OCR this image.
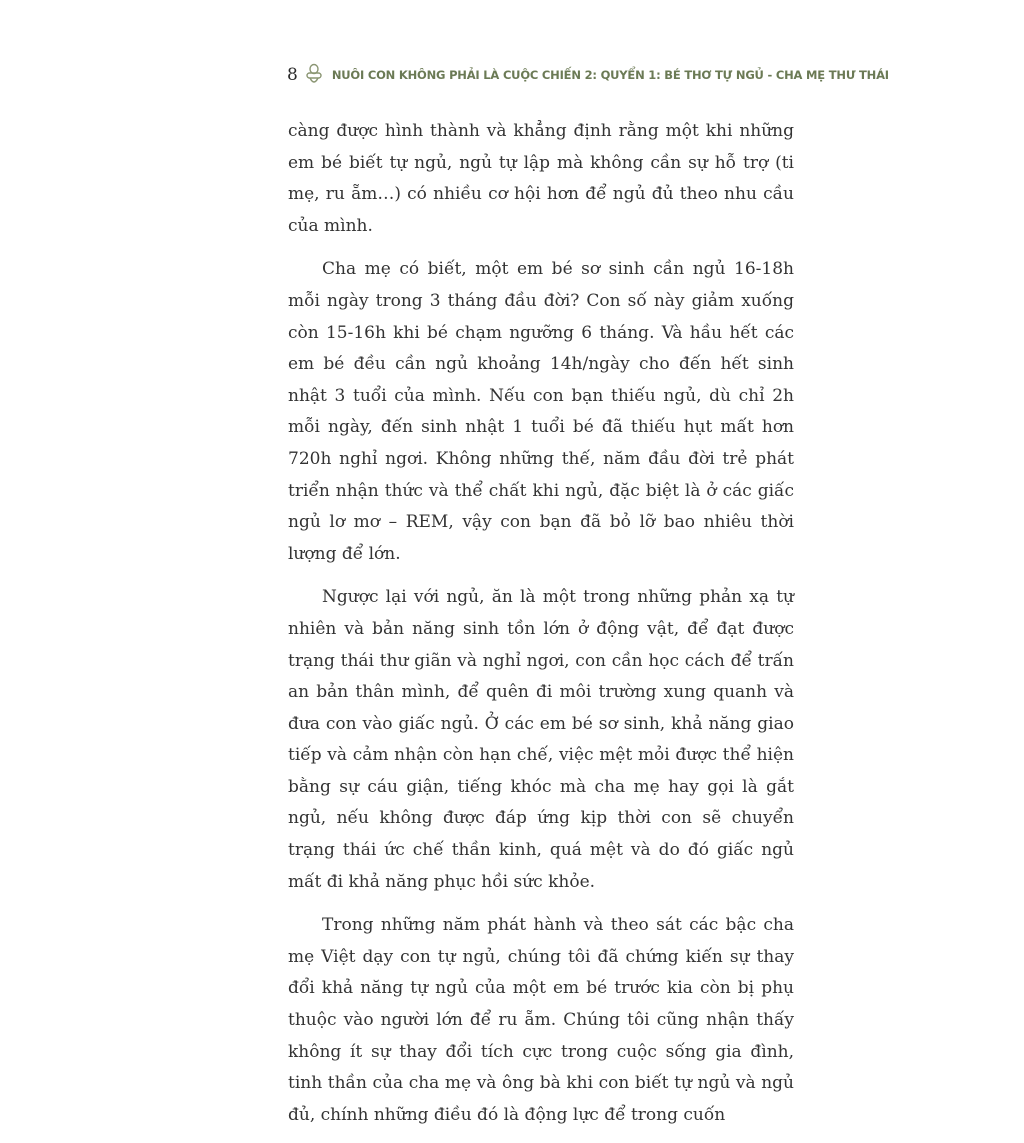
8	NUÔI CON KHÔNG PHẢI LÀ CUỘC CHIẾN 2: QUYỂN 1: BÉ THƠ TỰ NGỦ - CHA MẸ THƯ THÁI

càng được hình thành và khẳng định rằng một khi những em bé biết tự ngủ, ngủ tự lập mà không cần sự hỗ trợ (ti mẹ, ru ẵm…) có nhiều cơ hội hơn để ngủ đủ theo nhu cầu của mình.

Cha mẹ có biết, một em bé sơ sinh cần ngủ 16-18h mỗi ngày trong 3 tháng đầu đời? Con số này giảm xuống còn 15-16h khi bé chạm ngưỡng 6 tháng. Và hầu hết các em bé đều cần ngủ khoảng 14h/ngày cho đến hết sinh nhật 3 tuổi của mình. Nếu con bạn thiếu ngủ, dù chỉ 2h mỗi ngày, đến sinh nhật 1 tuổi bé đã thiếu hụt mất hơn 720h nghỉ ngơi. Không những thế, năm đầu đời trẻ phát triển nhận thức và thể chất khi ngủ, đặc biệt là ở các giấc ngủ lơ mơ – REM, vậy con bạn đã bỏ lỡ bao nhiêu thời lượng để lớn.

Ngược lại với ngủ, ăn là một trong những phản xạ tự nhiên và bản năng sinh tồn lớn ở động vật, để đạt được trạng thái thư giãn và nghỉ ngơi, con cần học cách để trấn an bản thân mình, để quên đi môi trường xung quanh và đưa con vào giấc ngủ. Ở các em bé sơ sinh, khả năng giao tiếp và cảm nhận còn hạn chế, việc mệt mỏi được thể hiện bằng sự cáu giận, tiếng khóc mà cha mẹ hay gọi là gắt ngủ, nếu không được đáp ứng kịp thời con sẽ chuyển trạng thái ức chế thần kinh, quá mệt và do đó giấc ngủ mất đi khả năng phục hồi sức khỏe.

Trong những năm phát hành và theo sát các bậc cha mẹ Việt dạy con tự ngủ, chúng tôi đã chứng kiến sự thay đổi khả năng tự ngủ của một em bé trước kia còn bị phụ thuộc vào người lớn để ru ẵm. Chúng tôi cũng nhận thấy không ít sự thay đổi tích cực trong cuộc sống gia đình, tinh thần của cha mẹ và ông bà khi con biết tự ngủ và ngủ đủ, chính những điều đó là động lực để trong cuốn
